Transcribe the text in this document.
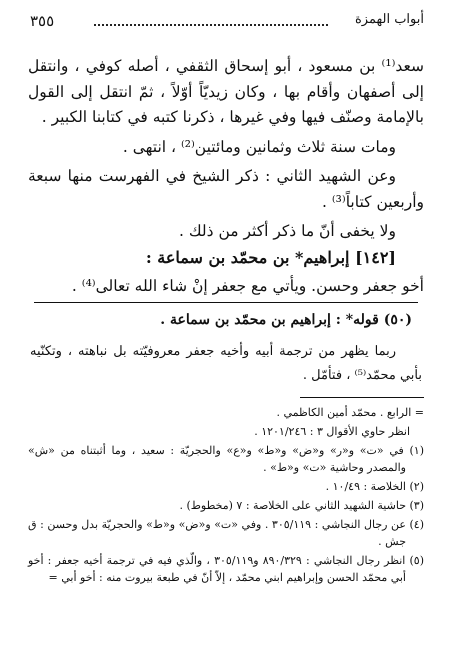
أبواب الهمزة
٣٥٥

سعد⁽¹⁾ بن مسعود ، أبو إسحاق الثقفي ، أصله كوفي ، وانتقل إلى أصفهان وأقام بها ، وكان زيديّاً أوّلاً ، ثمّ انتقل إلى القول بالإمامة وصنّف فيها وفي غيرها ، ذكرنا كتبه في كتابنا الكبير .

ومات سنة ثلاث وثمانين ومائتين⁽²⁾ ، انتهى .

وعن الشهيد الثاني : ذكر الشيخ في الفهرست منها سبعة وأربعين كتاباً⁽³⁾ .

ولا يخفى أنّ ما ذكر أكثر من ذلك .

[١٤٢] إبراهيم* بن محمّد بن سماعة :

أخو جعفر وحسن. ويأتي مع جعفر إنْ شاء الله تعالى⁽⁴⁾ .

(٥٠) قوله* : إبراهيم بن محمّد بن سماعة .

ربما يظهر من ترجمة أبيه وأخيه جعفر معروفيّته بل نباهته ، وتكنّيه بأبي محمّد⁽⁵⁾ ، فتأمّل .

= الرابع . محمّد أمين الكاظمي .

انظر حاوي الأقوال ٣ : ١٢٠١/٢٤٦ .

(١) في «ت» و«ر» و«ض» و«ط» و«ع» والحجريّة : سعيد ، وما أثبتناه من «ش» والمصدر وحاشية «ت» و«ط» .

(٢) الخلاصة : ١٠/٤٩ .

(٣) حاشية الشهيد الثاني على الخلاصة : ٧ (مخطوط) .

(٤) عن رجال النجاشي : ٣٠٥/١١٩ . وفي «ت» و«ض» و«ط» والحجريّة بدل وحسن : ق جش .

(٥) انظر رجال النجاشي : ٨٩٠/٣٢٩ و٣٠٥/١١٩ ، والّذي فيه في ترجمة أخيه جعفر : أخو أبي محمّد الحسن وإبراهيم ابني محمّد ، إلاّ أنّ في طبعة بيروت منه : أخو أبي =
